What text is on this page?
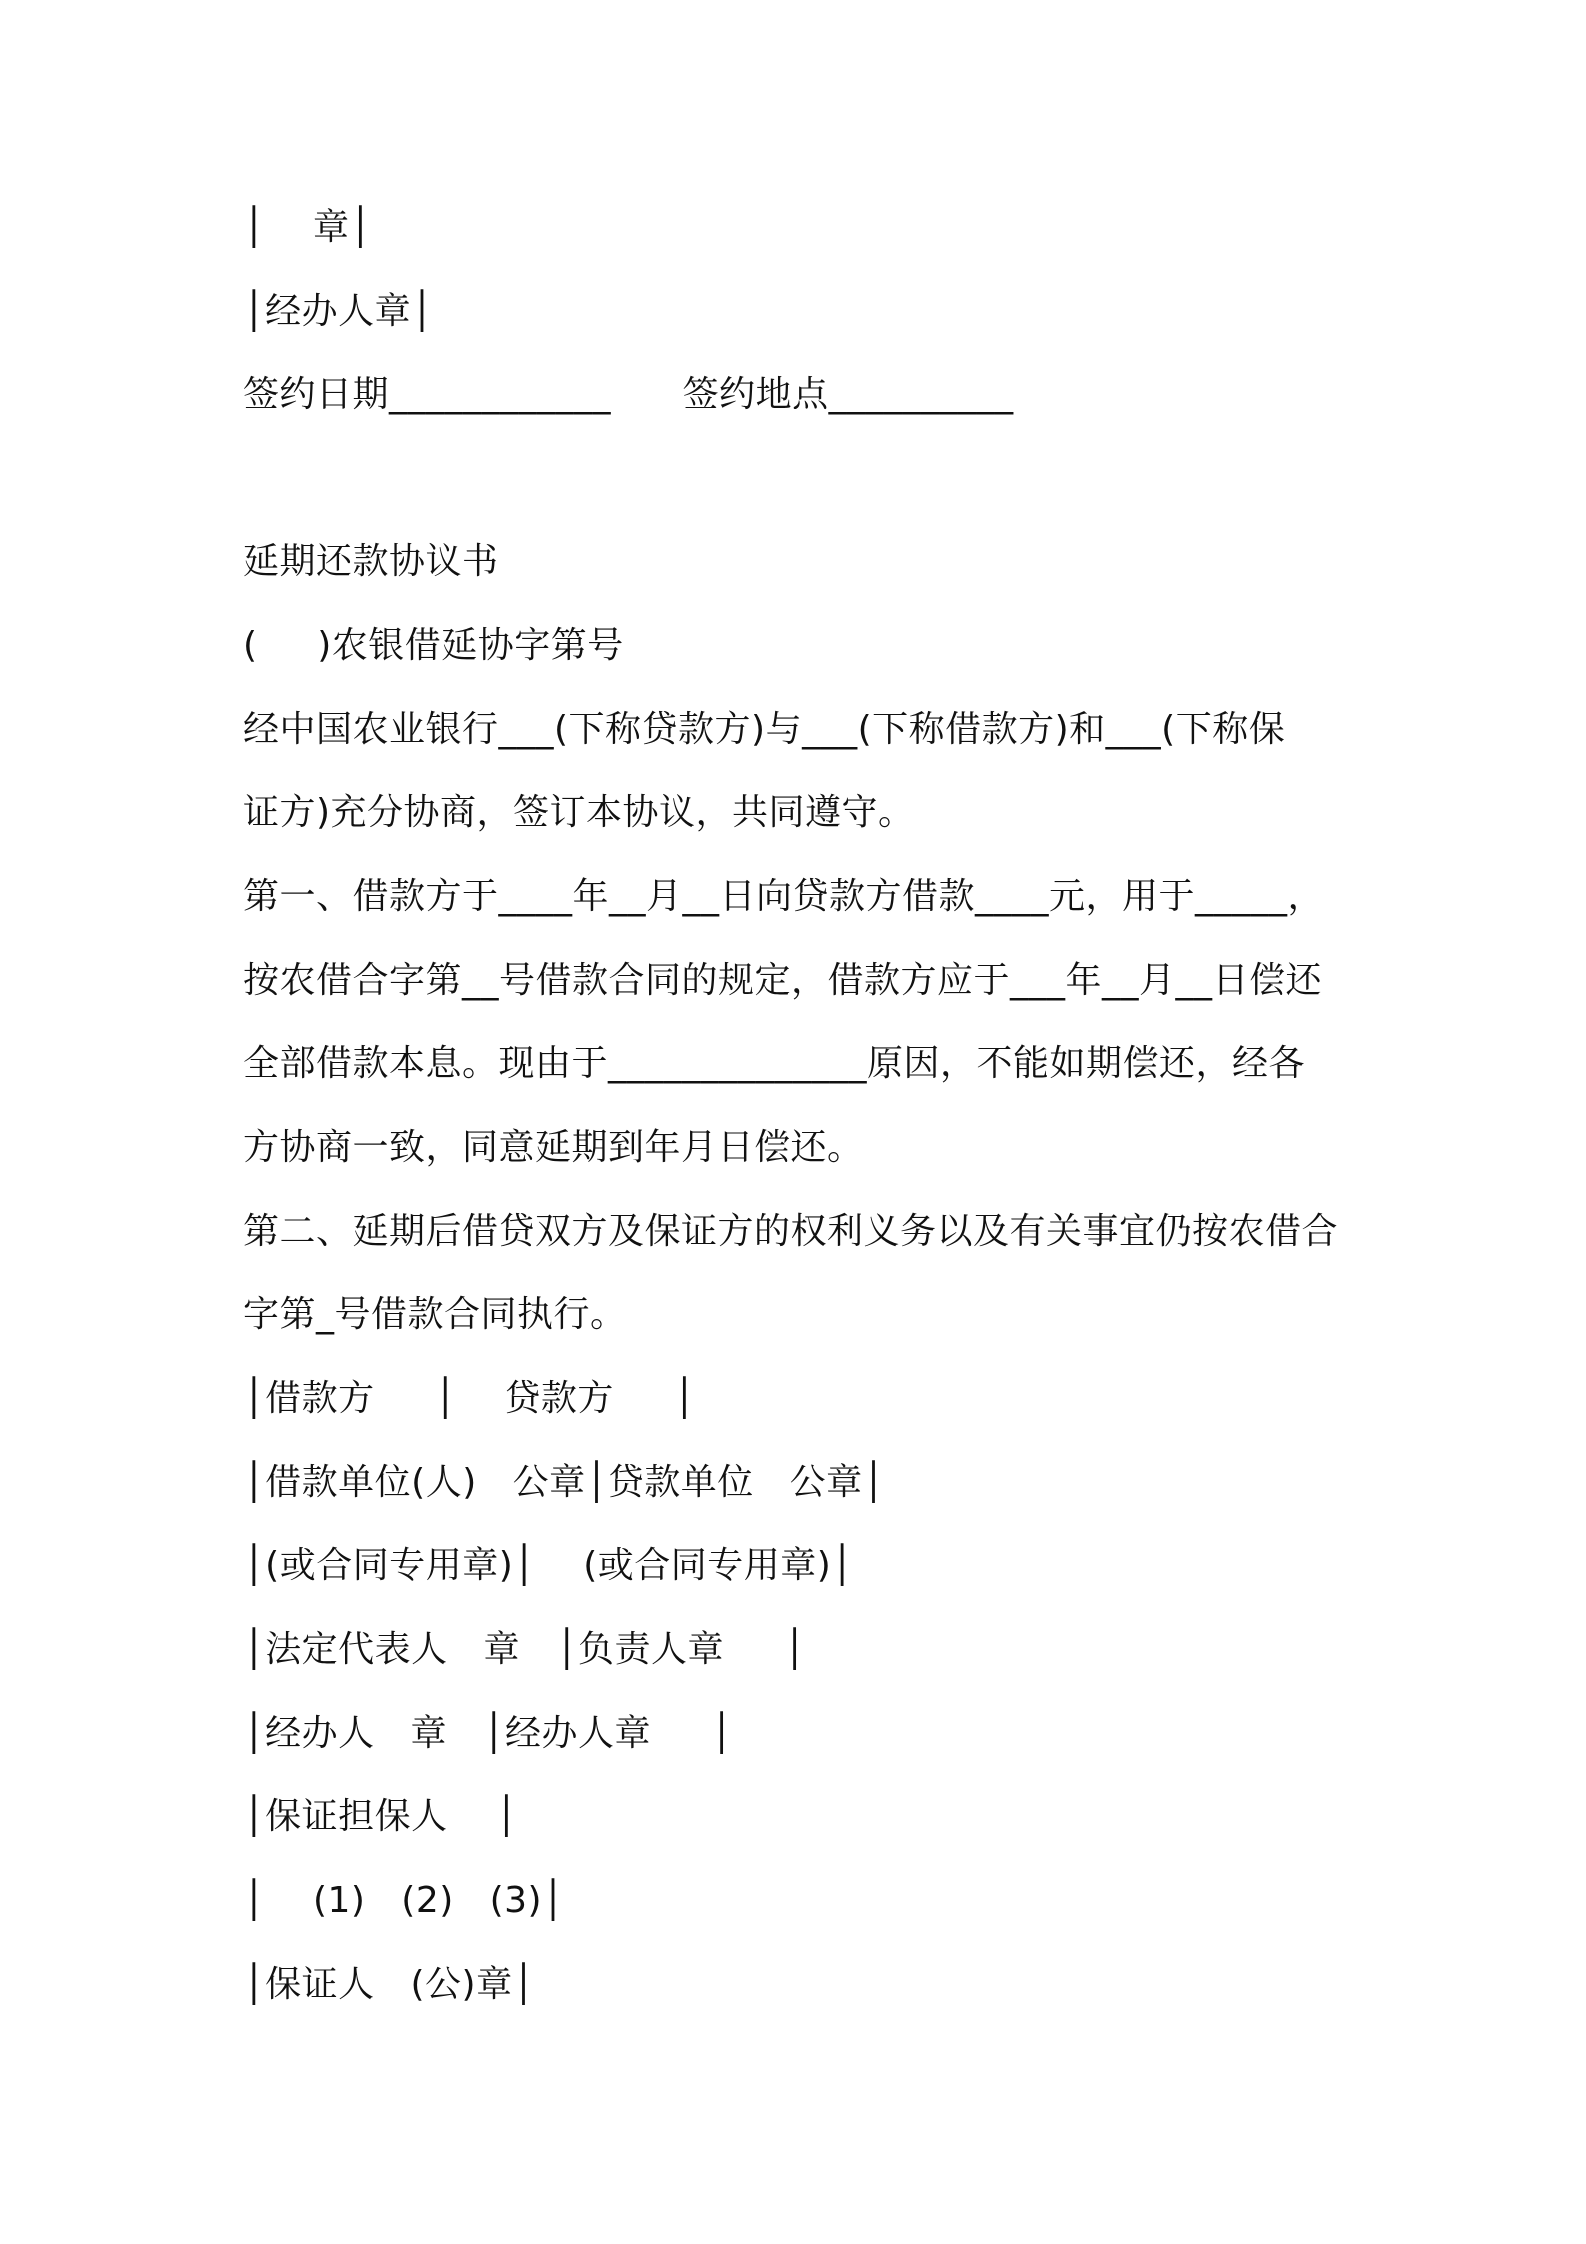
│    章│
│经办人章│
签约日期____________      签约地点__________
延期还款协议书
(     )农银借延协字第号
经中国农业银行___(下称贷款方)与___(下称借款方)和___(下称保
证方)充分协商，签订本协议，共同遵守。
第一、借款方于____年__月__日向贷款方借款____元，用于_____，
按农借合字第__号借款合同的规定，借款方应于___年__月__日偿还
全部借款本息。现由于______________原因，不能如期偿还，经各
方协商一致，同意延期到年月日偿还。
第二、延期后借贷双方及保证方的权利义务以及有关事宜仍按农借合
字第_号借款合同执行。
│借款方     │    贷款方     │
│借款单位(人)   公章│贷款单位   公章│
│(或合同专用章)│    (或合同专用章)│
│法定代表人   章   │负责人章     │
│经办人   章   │经办人章     │
│保证担保人    │
│    (1)   (2)   (3)│
│保证人   (公)章│
